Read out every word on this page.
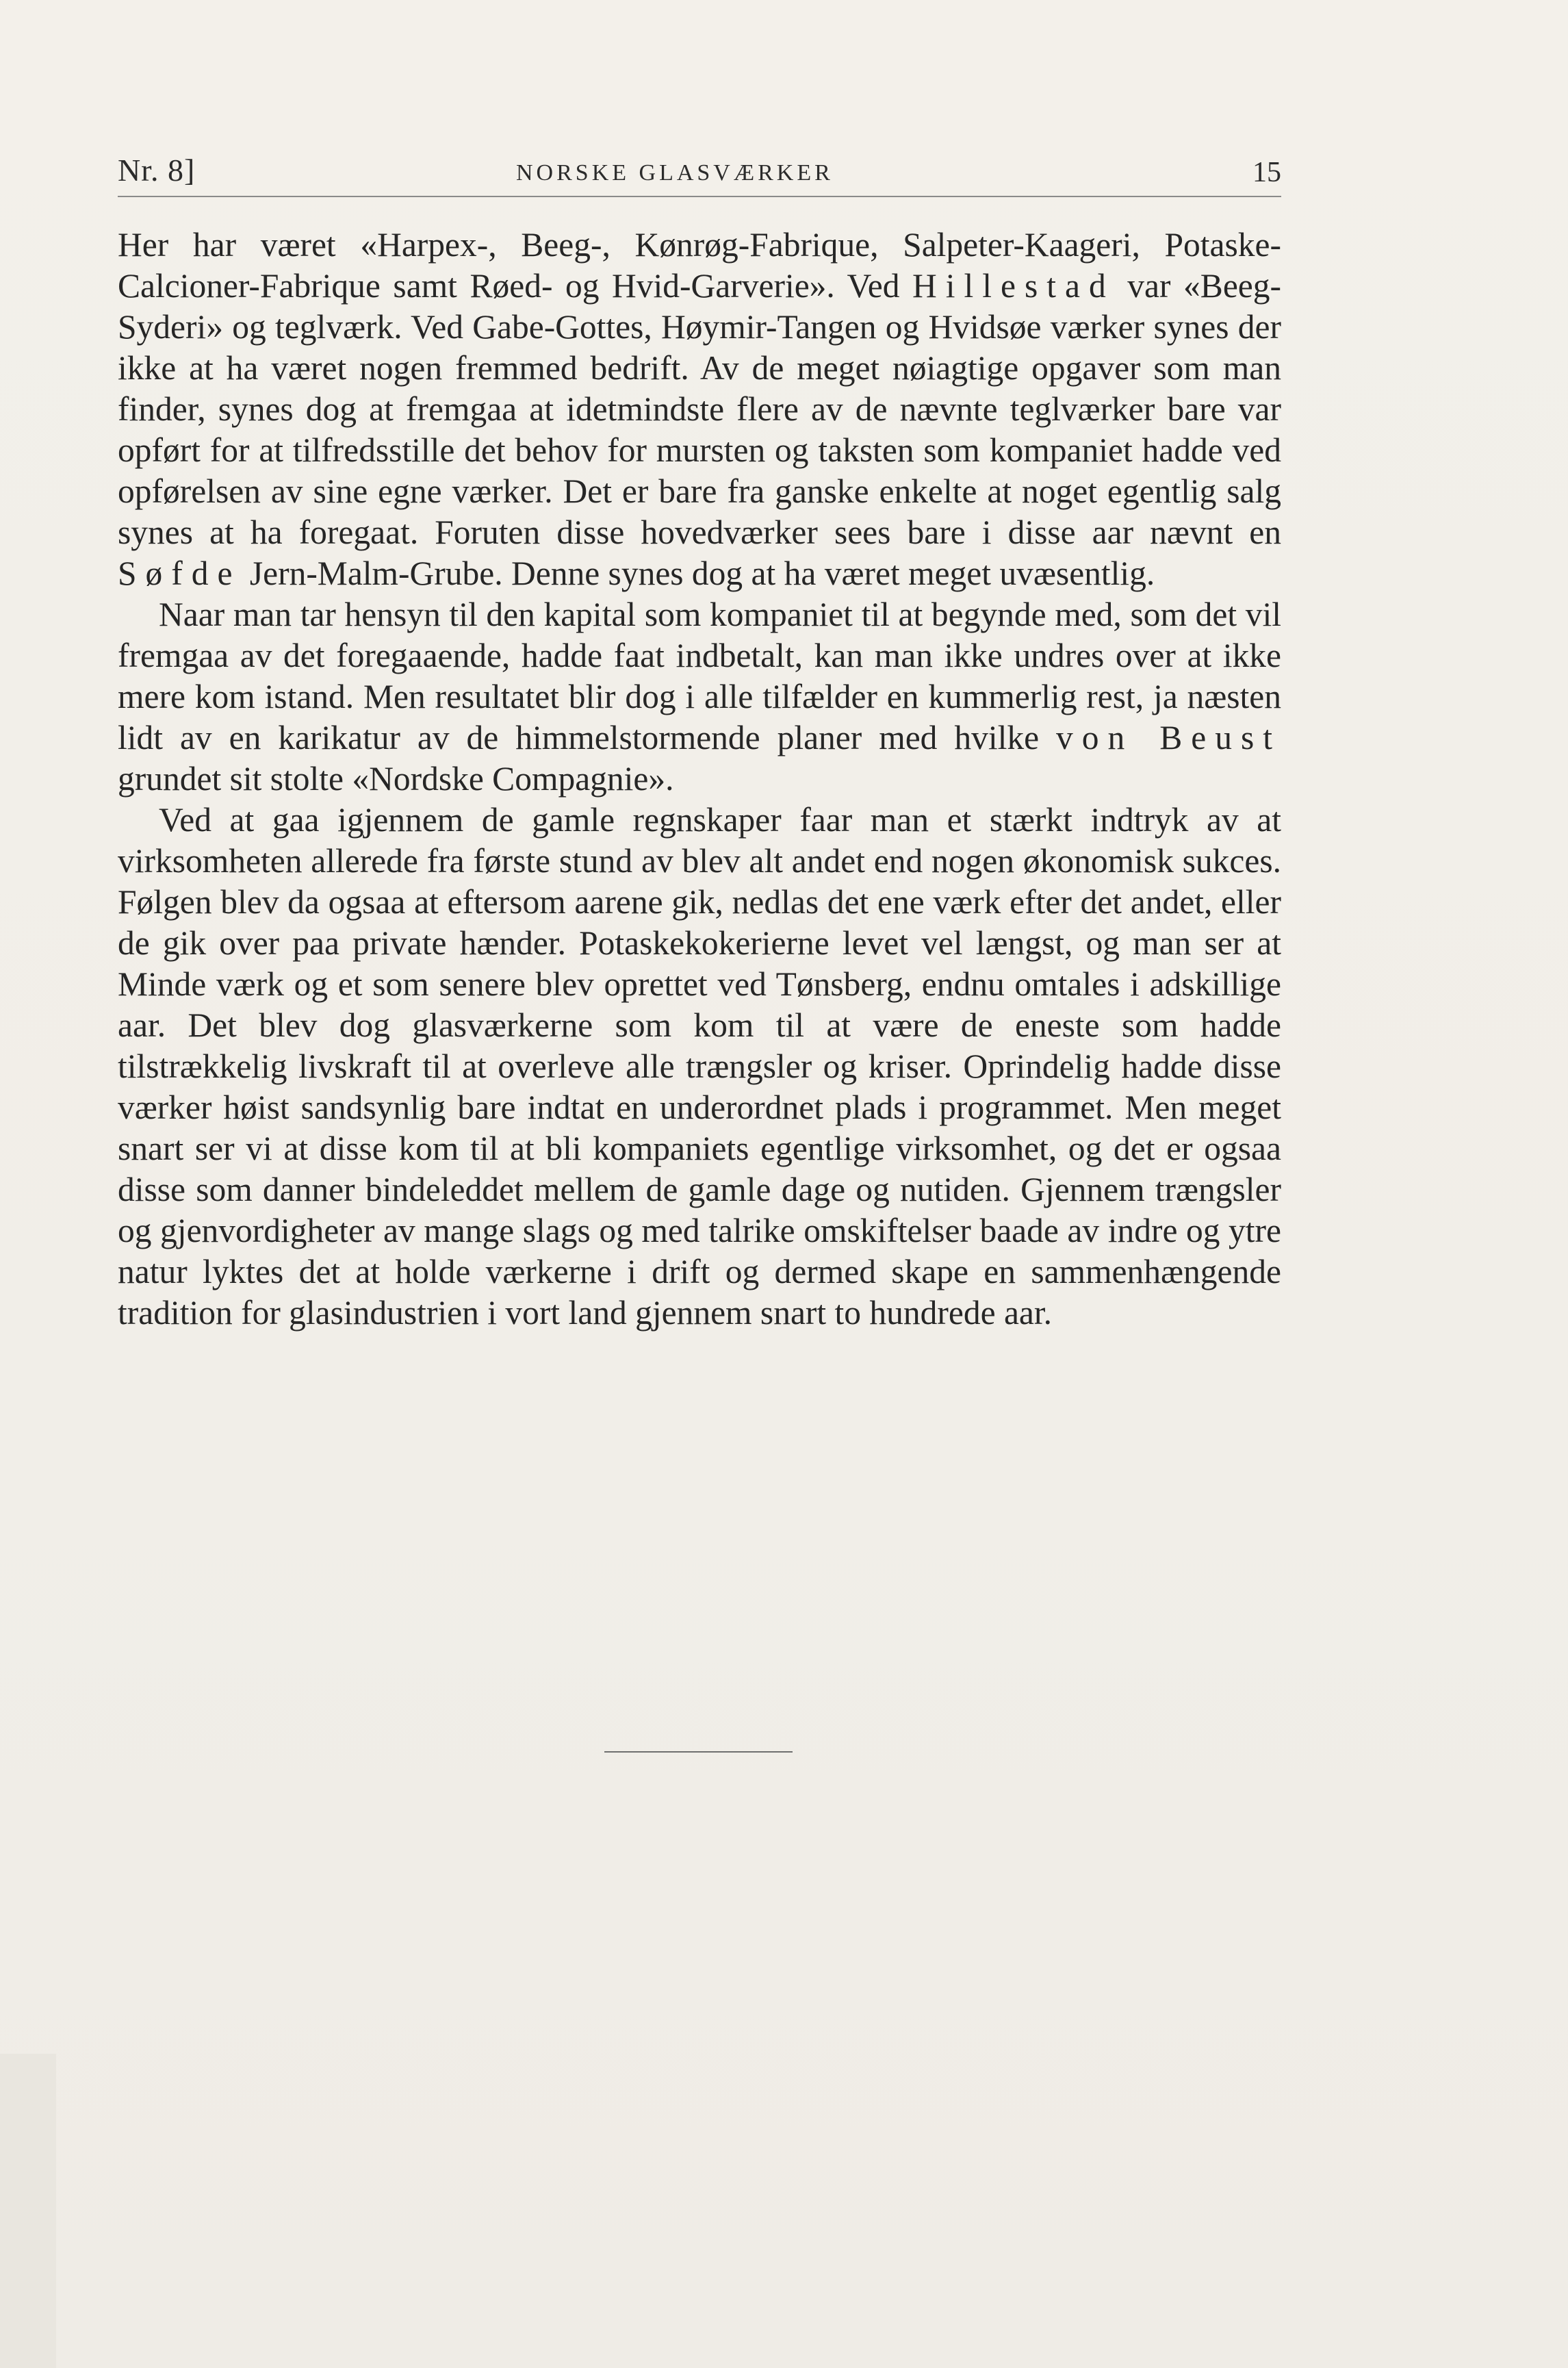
Nr. 8]	NORSKE GLASVÆRKER	15

Her har været «Harpex-, Beeg-, Kønrøg-Fabrique, Salpeter-Kaageri, Potaske-Calcioner-Fabrique samt Røed- og Hvid-Garverie». Ved Hillestad var «Beeg-Syderi» og teglværk. Ved Gabe-Gottes, Høymir-Tangen og Hvidsøe værker synes der ikke at ha været nogen fremmed bedrift. Av de meget nøiagtige opgaver som man finder, synes dog at fremgaa at idetmindste flere av de nævnte teglværker bare var opført for at tilfredsstille det behov for mursten og taksten som kompaniet hadde ved opførelsen av sine egne værker. Det er bare fra ganske enkelte at noget egentlig salg synes at ha foregaat. Foruten disse hovedværker sees bare i disse aar nævnt en Søfde Jern-Malm-Grube. Denne synes dog at ha været meget uvæsentlig.

Naar man tar hensyn til den kapital som kompaniet til at begynde med, som det vil fremgaa av det foregaaende, hadde faat indbetalt, kan man ikke undres over at ikke mere kom istand. Men resultatet blir dog i alle tilfælder en kummerlig rest, ja næsten lidt av en karikatur av de himmelstormende planer med hvilke von Beust grundet sit stolte «Nordske Compagnie».

Ved at gaa igjennem de gamle regnskaper faar man et stærkt indtryk av at virksomheten allerede fra første stund av blev alt andet end nogen økonomisk sukces. Følgen blev da ogsaa at eftersom aarene gik, nedlas det ene værk efter det andet, eller de gik over paa private hænder. Potaskekokerierne levet vel længst, og man ser at Minde værk og et som senere blev oprettet ved Tønsberg, endnu omtales i adskillige aar. Det blev dog glasværkerne som kom til at være de eneste som hadde tilstrækkelig livskraft til at overleve alle trængsler og kriser. Oprindelig hadde disse værker høist sandsynlig bare indtat en underordnet plads i programmet. Men meget snart ser vi at disse kom til at bli kompaniets egentlige virksomhet, og det er ogsaa disse som danner bindeleddet mellem de gamle dage og nutiden. Gjennem trængsler og gjenvordigheter av mange slags og med talrike omskiftelser baade av indre og ytre natur lyktes det at holde værkerne i drift og dermed skape en sammenhængende tradition for glasindustrien i vort land gjennem snart to hundrede aar.
